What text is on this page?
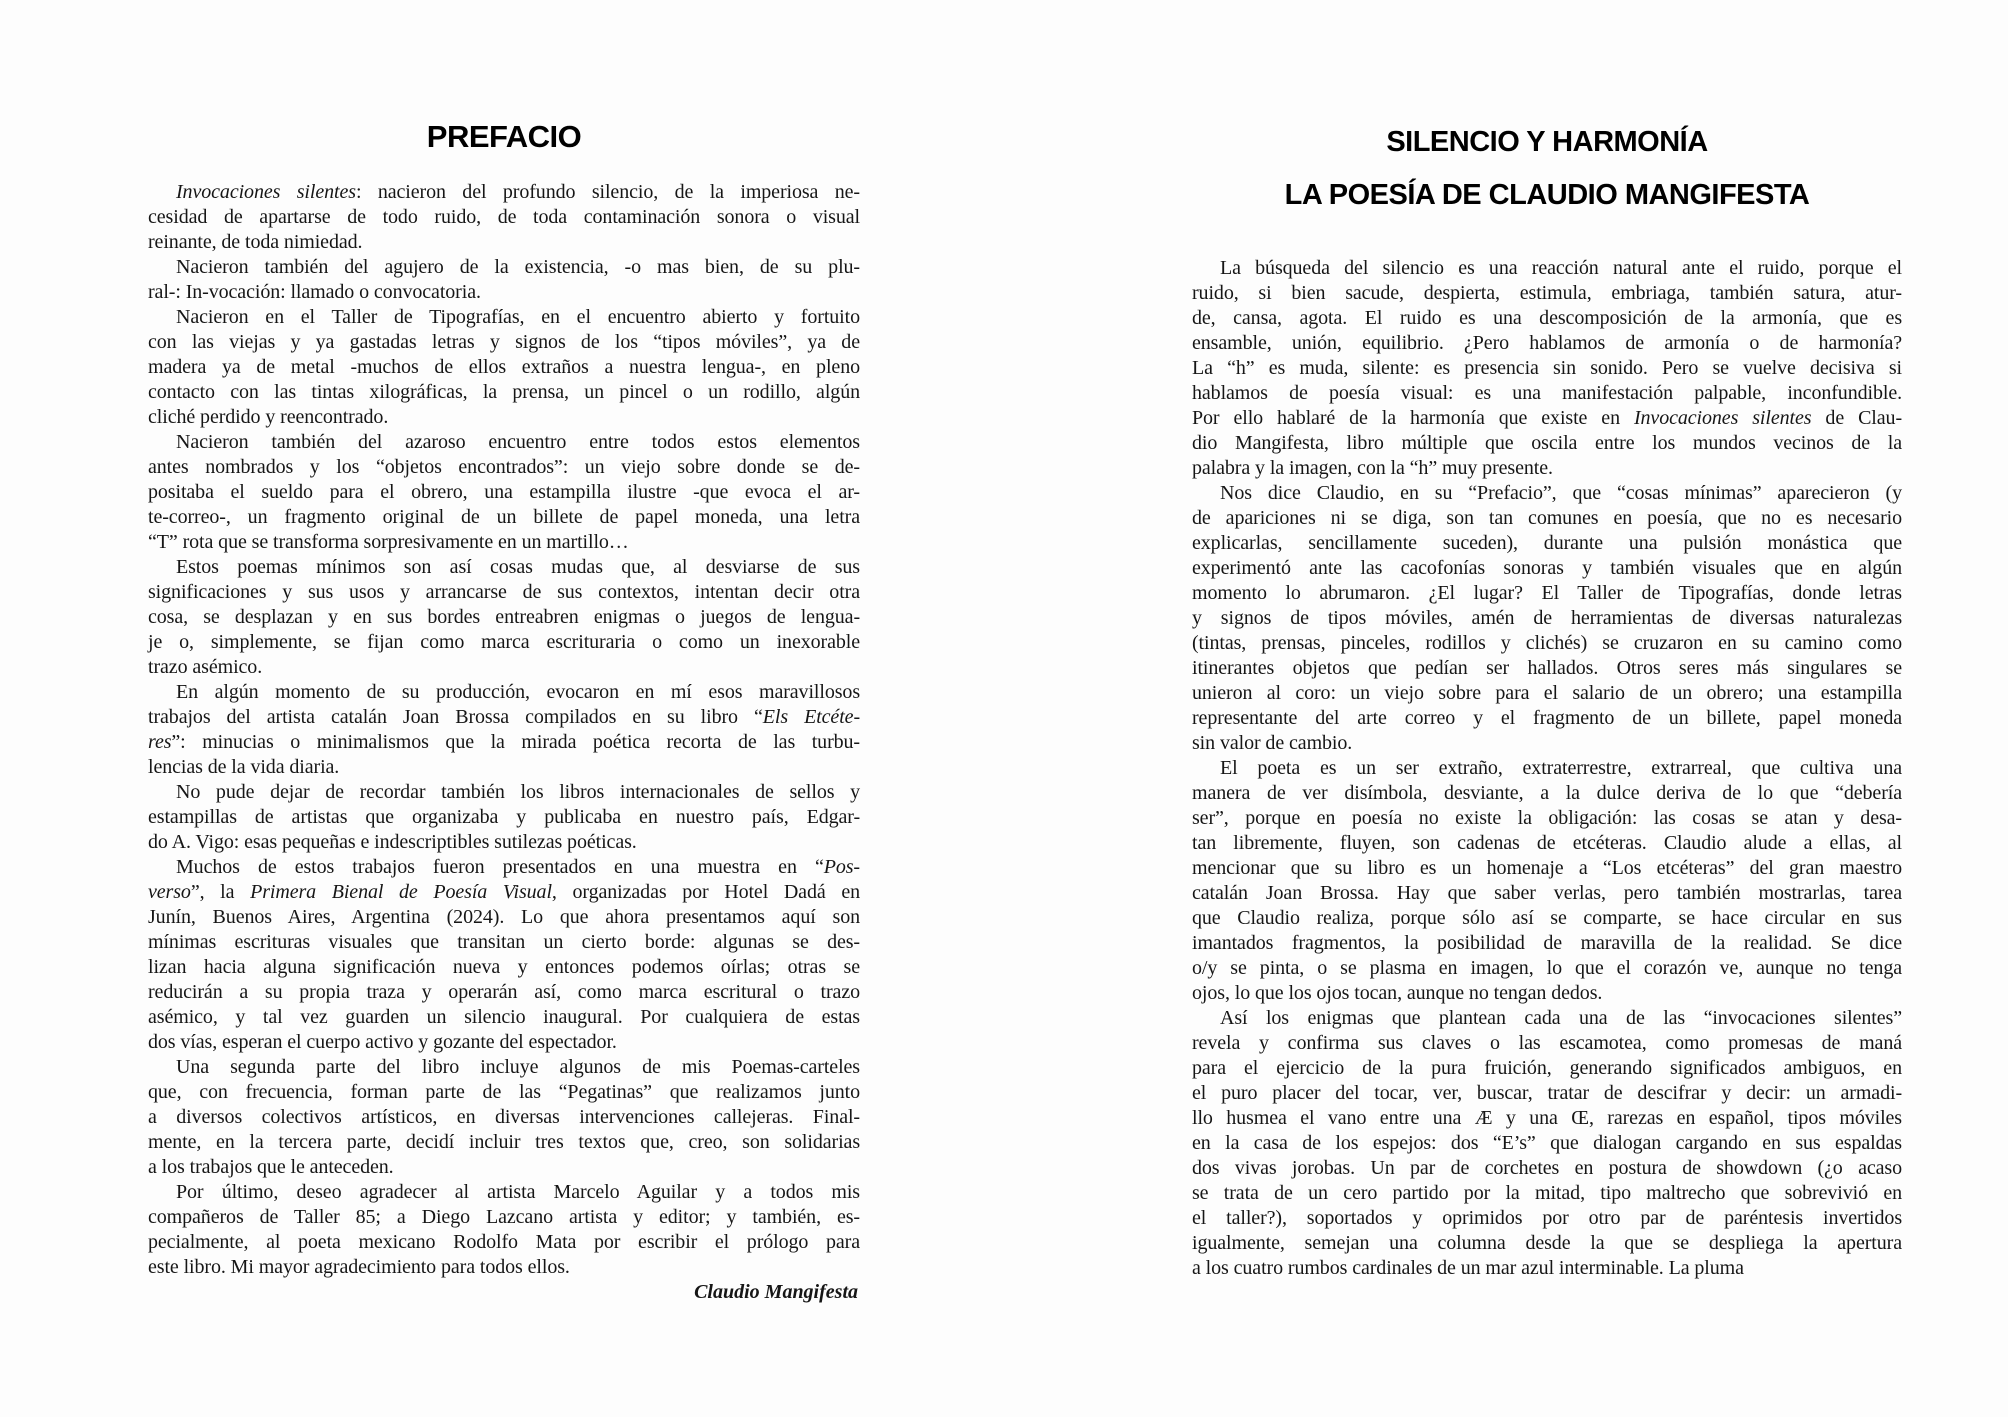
PREFACIO
Invocaciones silentes: nacieron del profundo silencio, de la imperiosa ne-
cesidad de apartarse de todo ruido, de toda contaminación sonora o visual
reinante, de toda nimiedad.
Nacieron también del agujero de la existencia, -o mas bien, de su plu-
ral-: In-vocación: llamado o convocatoria.
Nacieron en el Taller de Tipografías, en el encuentro abierto y fortuito
con las viejas y ya gastadas letras y signos de los “tipos móviles”, ya de
madera ya de metal -muchos de ellos extraños a nuestra lengua-, en pleno
contacto con las tintas xilográficas, la prensa, un pincel o un rodillo, algún
cliché perdido y reencontrado.
Nacieron también del azaroso encuentro entre todos estos elementos
antes nombrados y los “objetos encontrados”: un viejo sobre donde se de-
positaba el sueldo para el obrero, una estampilla ilustre -que evoca el ar-
te-correo-, un fragmento original de un billete de papel moneda, una letra
“T” rota que se transforma sorpresivamente en un martillo…
Estos poemas mínimos son así cosas mudas que, al desviarse de sus
significaciones y sus usos y arrancarse de sus contextos, intentan decir otra
cosa, se desplazan y en sus bordes entreabren enigmas o juegos de lengua-
je o, simplemente, se fijan como marca escrituraria o como un inexorable
trazo asémico.
En algún momento de su producción, evocaron en mí esos maravillosos
trabajos del artista catalán Joan Brossa compilados en su libro “Els Etcéte-
res”: minucias o minimalismos que la mirada poética recorta de las turbu-
lencias de la vida diaria.
No pude dejar de recordar también los libros internacionales de sellos y
estampillas de artistas que organizaba y publicaba en nuestro país, Edgar-
do A. Vigo: esas pequeñas e indescriptibles sutilezas poéticas.
Muchos de estos trabajos fueron presentados en una muestra en “Pos-
verso”, la Primera Bienal de Poesía Visual, organizadas por Hotel Dadá en
Junín, Buenos Aires, Argentina (2024). Lo que ahora presentamos aquí son
mínimas escrituras visuales que transitan un cierto borde: algunas se des-
lizan hacia alguna significación nueva y entonces podemos oírlas; otras se
reducirán a su propia traza y operarán así, como marca escritural o trazo
asémico, y tal vez guarden un silencio inaugural. Por cualquiera de estas
dos vías, esperan el cuerpo activo y gozante del espectador.
Una segunda parte del libro incluye algunos de mis Poemas-carteles
que, con frecuencia, forman parte de las “Pegatinas” que realizamos junto
a diversos colectivos artísticos, en diversas intervenciones callejeras. Final-
mente, en la tercera parte, decidí incluir tres textos que, creo, son solidarias
a los trabajos que le anteceden.
Por último, deseo agradecer al artista Marcelo Aguilar y a todos mis
compañeros de Taller 85; a Diego Lazcano artista y editor; y también, es-
pecialmente, al poeta mexicano Rodolfo Mata por escribir el prólogo para
este libro. Mi mayor agradecimiento para todos ellos.
Claudio Mangifesta
SILENCIO Y HARMONÍA
LA POESÍA DE CLAUDIO MANGIFESTA
La búsqueda del silencio es una reacción natural ante el ruido, porque el
ruido, si bien sacude, despierta, estimula, embriaga, también satura, atur-
de, cansa, agota. El ruido es una descomposición de la armonía, que es
ensamble, unión, equilibrio. ¿Pero hablamos de armonía o de harmonía?
La “h” es muda, silente: es presencia sin sonido. Pero se vuelve decisiva si
hablamos de poesía visual: es una manifestación palpable, inconfundible.
Por ello hablaré de la harmonía que existe en Invocaciones silentes de Clau-
dio Mangifesta, libro múltiple que oscila entre los mundos vecinos de la
palabra y la imagen, con la “h” muy presente.
Nos dice Claudio, en su “Prefacio”, que “cosas mínimas” aparecieron (y
de apariciones ni se diga, son tan comunes en poesía, que no es necesario
explicarlas, sencillamente suceden), durante una pulsión monástica que
experimentó ante las cacofonías sonoras y también visuales que en algún
momento lo abrumaron. ¿El lugar? El Taller de Tipografías, donde letras
y signos de tipos móviles, amén de herramientas de diversas naturalezas
(tintas, prensas, pinceles, rodillos y clichés) se cruzaron en su camino como
itinerantes objetos que pedían ser hallados. Otros seres más singulares se
unieron al coro: un viejo sobre para el salario de un obrero; una estampilla
representante del arte correo y el fragmento de un billete, papel moneda
sin valor de cambio.
El poeta es un ser extraño, extraterrestre, extrarreal, que cultiva una
manera de ver disímbola, desviante, a la dulce deriva de lo que “debería
ser”, porque en poesía no existe la obligación: las cosas se atan y desa-
tan libremente, fluyen, son cadenas de etcéteras. Claudio alude a ellas, al
mencionar que su libro es un homenaje a “Los etcéteras” del gran maestro
catalán Joan Brossa. Hay que saber verlas, pero también mostrarlas, tarea
que Claudio realiza, porque sólo así se comparte, se hace circular en sus
imantados fragmentos, la posibilidad de maravilla de la realidad. Se dice
o/y se pinta, o se plasma en imagen, lo que el corazón ve, aunque no tenga
ojos, lo que los ojos tocan, aunque no tengan dedos.
Así los enigmas que plantean cada una de las “invocaciones silentes”
revela y confirma sus claves o las escamotea, como promesas de maná
para el ejercicio de la pura fruición, generando significados ambiguos, en
el puro placer del tocar, ver, buscar, tratar de descifrar y decir: un armadi-
llo husmea el vano entre una Æ y una Œ, rarezas en español, tipos móviles
en la casa de los espejos: dos “E’s” que dialogan cargando en sus espaldas
dos vivas jorobas. Un par de corchetes en postura de showdown (¿o acaso
se trata de un cero partido por la mitad, tipo maltrecho que sobrevivió en
el taller?), soportados y oprimidos por otro par de paréntesis invertidos
igualmente, semejan una columna desde la que se despliega la apertura
a los cuatro rumbos cardinales de un mar azul interminable. La pluma
